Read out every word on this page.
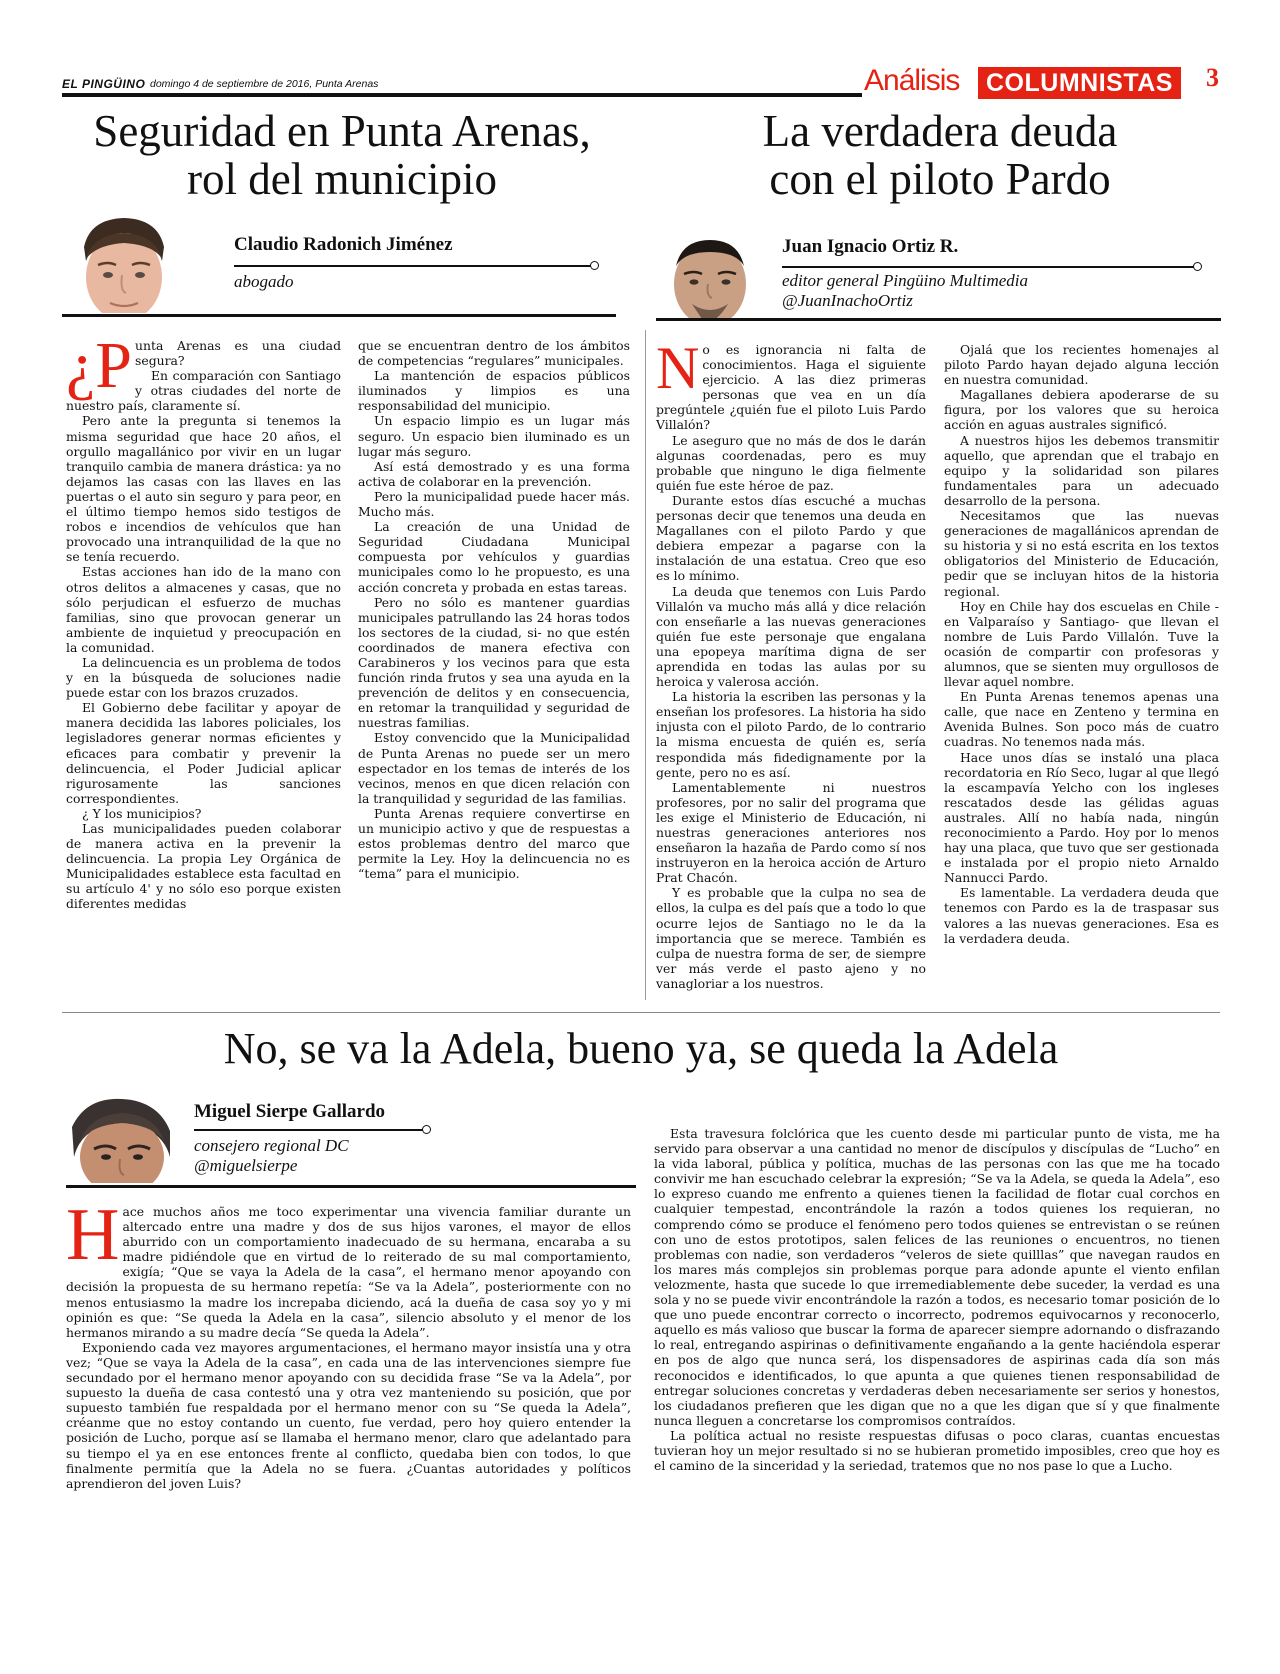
EL PINGÜINO domingo 4 de septiembre de 2016, Punta Arenas	Análisis	COLUMNISTAS	3
Seguridad en Punta Arenas,
rol del municipio
Claudio Radonich Jiménez
abogado
¿P unta Arenas es una ciudad segura?

En comparación con Santiago y otras ciudades del norte de nuestro país, claramente sí.

Pero ante la pregunta si tenemos la misma seguridad que hace 20 años, el orgullo magallánico por vivir en un lugar tranquilo cambia de manera drástica: ya no dejamos las casas con las llaves en las puertas o el auto sin seguro y para peor, en el último tiempo hemos sido testigos de robos e incendios de vehículos que han provocado una intranquilidad de la que no se tenía recuerdo.

Estas acciones han ido de la mano con otros delitos a almacenes y casas, que no sólo perjudican el esfuerzo de muchas familias, sino que provocan generar un ambiente de inquietud y preocupación en la comunidad.

La delincuencia es un problema de todos y en la búsqueda de soluciones nadie puede estar con los brazos cruzados.

El Gobierno debe facilitar y apoyar de manera decidida las labores policiales, los legisladores generar normas eficientes y eficaces para combatir y prevenir la delincuencia, el Poder Judicial aplicar rigurosamente las sanciones correspondientes.

¿ Y los municipios?

Las municipalidades pueden colaborar de manera activa en la prevenir la delincuencia. La propia Ley Orgánica de Municipalidades establece esta facultad en su artículo 4' y no sólo eso porque existen diferentes medidas

que se encuentran dentro de los ámbitos de competencias “regulares” municipales.

La mantención de espacios públicos iluminados y limpios es una responsabilidad del municipio.

Un espacio limpio es un lugar más seguro. Un espacio bien iluminado es un lugar más seguro.

Así está demostrado y es una forma activa de colaborar en la prevención.

Pero la municipalidad puede hacer más. Mucho más.

La creación de una Unidad de Seguridad Ciudadana Municipal compuesta por vehículos y guardias municipales como lo he propuesto, es una acción concreta y probada en estas tareas.

Pero no sólo es mantener guardias municipales patrullando las 24 horas todos los sectores de la ciudad, si- no que estén coordinados de manera efectiva con Carabineros y los vecinos para que esta función rinda frutos y sea una ayuda en la prevención de delitos y en consecuencia, en retomar la tranquilidad y seguridad de nuestras familias.

Estoy convencido que la Municipalidad de Punta Arenas no puede ser un mero espectador en los temas de interés de los vecinos, menos en que dicen relación con la tranquilidad y seguridad de las familias.

Punta Arenas requiere convertirse en un municipio activo y que de respuestas a estos problemas dentro del marco que permite la Ley. Hoy la delincuencia no es “tema” para el municipio.

La verdadera deuda
con el piloto Pardo
Juan Ignacio Ortiz R.
editor general Pingüino Multimedia
@JuanInachoOrtiz
N o es ignorancia ni falta de conocimientos. Haga el siguiente ejercicio. A las diez primeras personas que vea en un día pregúntele ¿quién fue el piloto Luis Pardo Villalón?

Le aseguro que no más de dos le darán algunas coordenadas, pero es muy probable que ninguno le diga fielmente quién fue este héroe de paz.

Durante estos días escuché a muchas personas decir que tenemos una deuda en Magallanes con el piloto Pardo y que debiera empezar a pagarse con la instalación de una estatua. Creo que eso es lo mínimo.

La deuda que tenemos con Luis Pardo Villalón va mucho más allá y dice relación con enseñarle a las nuevas generaciones quién fue este personaje que engalana una epopeya marítima digna de ser aprendida en todas las aulas por su heroica y valerosa acción.

La historia la escriben las personas y la enseñan los profesores. La historia ha sido injusta con el piloto Pardo, de lo contrario la misma encuesta de quién es, sería respondida más fidedignamente por la gente, pero no es así.

Lamentablemente ni nuestros profesores, por no salir del programa que les exige el Ministerio de Educación, ni nuestras generaciones anteriores nos enseñaron la hazaña de Pardo como sí nos instruyeron en la heroica acción de Arturo Prat Chacón.

Y es probable que la culpa no sea de ellos, la culpa es del país que a todo lo que ocurre lejos de Santiago no le da la importancia que se merece. También es culpa de nuestra forma de ser, de siempre ver más verde el pasto ajeno y no vanagloriar a los nuestros.

Ojalá que los recientes homenajes al piloto Pardo hayan dejado alguna lección en nuestra comunidad.

Magallanes debiera apoderarse de su figura, por los valores que su heroica acción en aguas australes significó.

A nuestros hijos les debemos transmitir aquello, que aprendan que el trabajo en equipo y la solidaridad son pilares fundamentales para un adecuado desarrollo de la persona.

Necesitamos que las nuevas generaciones de magallánicos aprendan de su historia y si no está escrita en los textos obligatorios del Ministerio de Educación, pedir que se incluyan hitos de la historia regional.

Hoy en Chile hay dos escuelas en Chile -en Valparaíso y Santiago- que llevan el nombre de Luis Pardo Villalón. Tuve la ocasión de compartir con profesoras y alumnos, que se sienten muy orgullosos de llevar aquel nombre.

En Punta Arenas tenemos apenas una calle, que nace en Zenteno y termina en Avenida Bulnes. Son poco más de cuatro cuadras. No tenemos nada más.

Hace unos días se instaló una placa recordatoria en Río Seco, lugar al que llegó la escampavía Yelcho con los ingleses rescatados desde las gélidas aguas australes. Allí no había nada, ningún reconocimiento a Pardo. Hoy por lo menos hay una placa, que tuvo que ser gestionada e instalada por el propio nieto Arnaldo Nannucci Pardo.

Es lamentable. La verdadera deuda que tenemos con Pardo es la de traspasar sus valores a las nuevas generaciones. Esa es la verdadera deuda.

No, se va la Adela, bueno ya, se queda la Adela
Miguel Sierpe Gallardo
consejero regional DC
@miguelsierpe
H ace muchos años me toco experimentar una vivencia familiar durante un altercado entre una madre y dos de sus hijos varones, el mayor de ellos aburrido con un comportamiento inadecuado de su hermana, encaraba a su madre pidiéndole que en virtud de lo reiterado de su mal comportamiento, exigía; “Que se vaya la Adela de la casa”, el hermano menor apoyando con decisión la propuesta de su hermano repetía: “Se va la Adela”, posteriormente con no menos entusiasmo la madre los increpaba diciendo, acá la dueña de casa soy yo y mi opinión es que: “Se queda la Adela en la casa”, silencio absoluto y el menor de los hermanos mirando a su madre decía “Se queda la Adela”.

Exponiendo cada vez mayores argumentaciones, el hermano mayor insistía una y otra vez; “Que se vaya la Adela de la casa”, en cada una de las intervenciones siempre fue secundado por el hermano menor apoyando con su decidida frase “Se va la Adela”, por supuesto la dueña de casa contestó una y otra vez manteniendo su posición, que por supuesto también fue respaldada por el hermano menor con su “Se queda la Adela”, créanme que no estoy contando un cuento, fue verdad, pero hoy quiero entender la posición de Lucho, porque así se llamaba el hermano menor, claro que adelantado para su tiempo el ya en ese entonces frente al conflicto, quedaba bien con todos, lo que finalmente permitía que la Adela no se fuera. ¿Cuantas autoridades y políticos aprendieron del joven Luis?

Esta travesura folclórica que les cuento desde mi particular punto de vista, me ha servido para observar a una cantidad no menor de discípulos y discípulas de “Lucho” en la vida laboral, pública y política, muchas de las personas con las que me ha tocado convivir me han escuchado celebrar la expresión; “Se va la Adela, se queda la Adela”, eso lo expreso cuando me enfrento a quienes tienen la facilidad de flotar cual corchos en cualquier tempestad, encontrándole la razón a todos quienes los requieran, no comprendo cómo se produce el fenómeno pero todos quienes se entrevistan o se reúnen con uno de estos prototipos, salen felices de las reuniones o encuentros, no tienen problemas con nadie, son verdaderos “veleros de siete quilllas” que navegan raudos en los mares más complejos sin problemas porque para adonde apunte el viento enfilan velozmente, hasta que sucede lo que irremediablemente debe suceder, la verdad es una sola y no se puede vivir encontrándole la razón a todos, es necesario tomar posición de lo que uno puede encontrar correcto o incorrecto, podremos equivocarnos y reconocerlo, aquello es más valioso que buscar la forma de aparecer siempre adornando o disfrazando lo real, entregando aspirinas o definitivamente engañando a la gente haciéndola esperar en pos de algo que nunca será, los dispensadores de aspirinas cada día son más reconocidos e identificados, lo que apunta a que quienes tienen responsabilidad de entregar soluciones concretas y verdaderas deben necesariamente ser serios y honestos, los ciudadanos prefieren que les digan que no a que les digan que sí y que finalmente nunca lleguen a concretarse los compromisos contraídos.

La política actual no resiste respuestas difusas o poco claras, cuantas encuestas tuvieran hoy un mejor resultado si no se hubieran prometido imposibles, creo que hoy es el camino de la sinceridad y la seriedad, tratemos que no nos pase lo que a Lucho.
